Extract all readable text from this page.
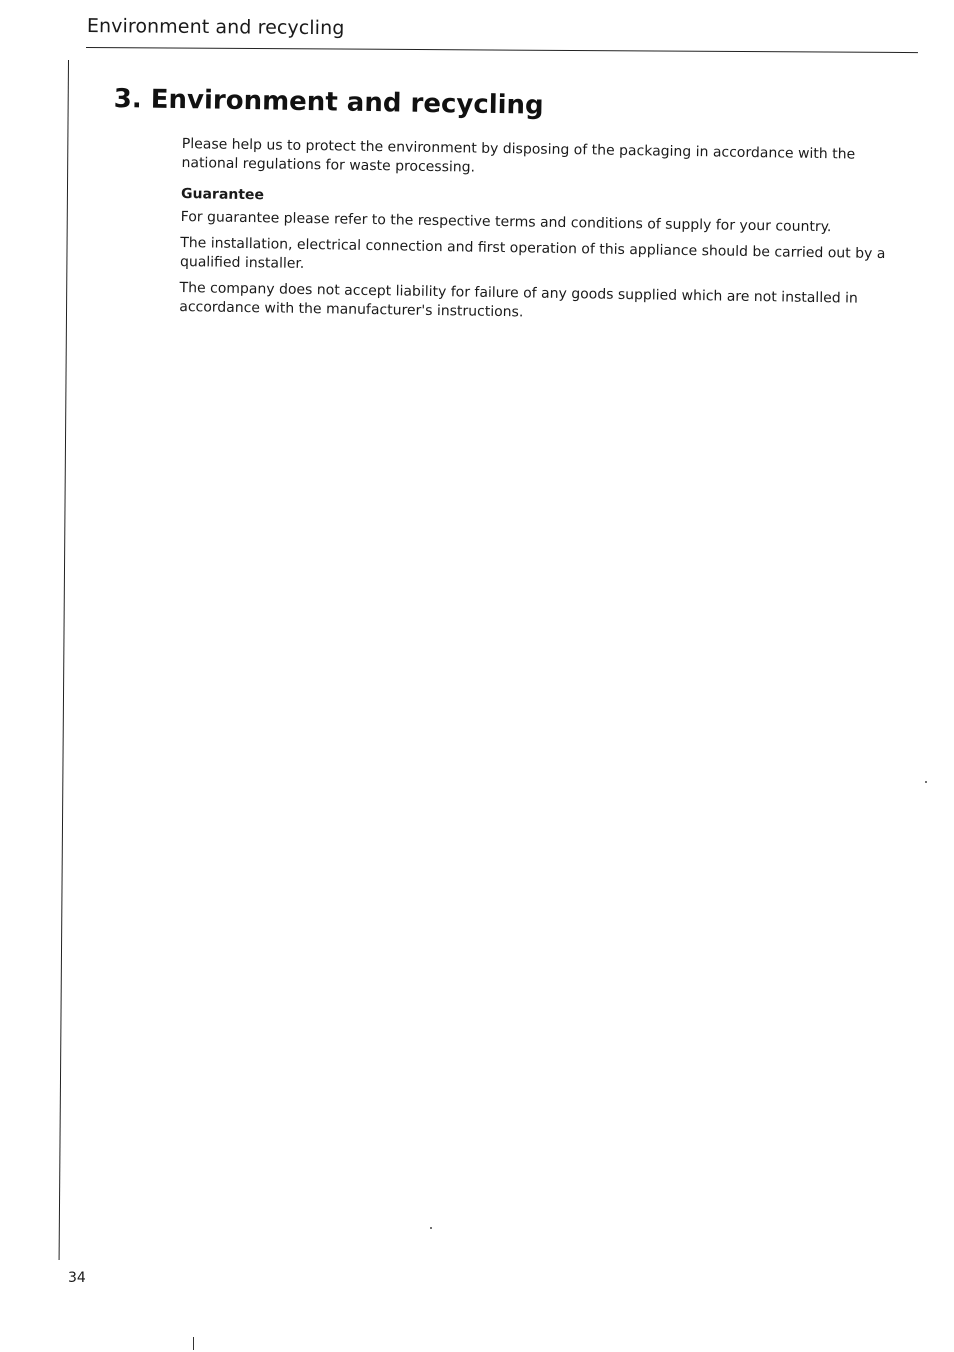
Environment and recycling
3. Environment and recycling

Please help us to protect the environment by disposing of the packaging in accordance with the national regulations for waste processing.

Guarantee

For guarantee please refer to the respective terms and conditions of supply for your country.

The installation, electrical connection and first operation of this appliance should be carried out by a qualified installer.

The company does not accept liability for failure of any goods supplied which are not installed in accordance with the manufacturer's instructions.

34
